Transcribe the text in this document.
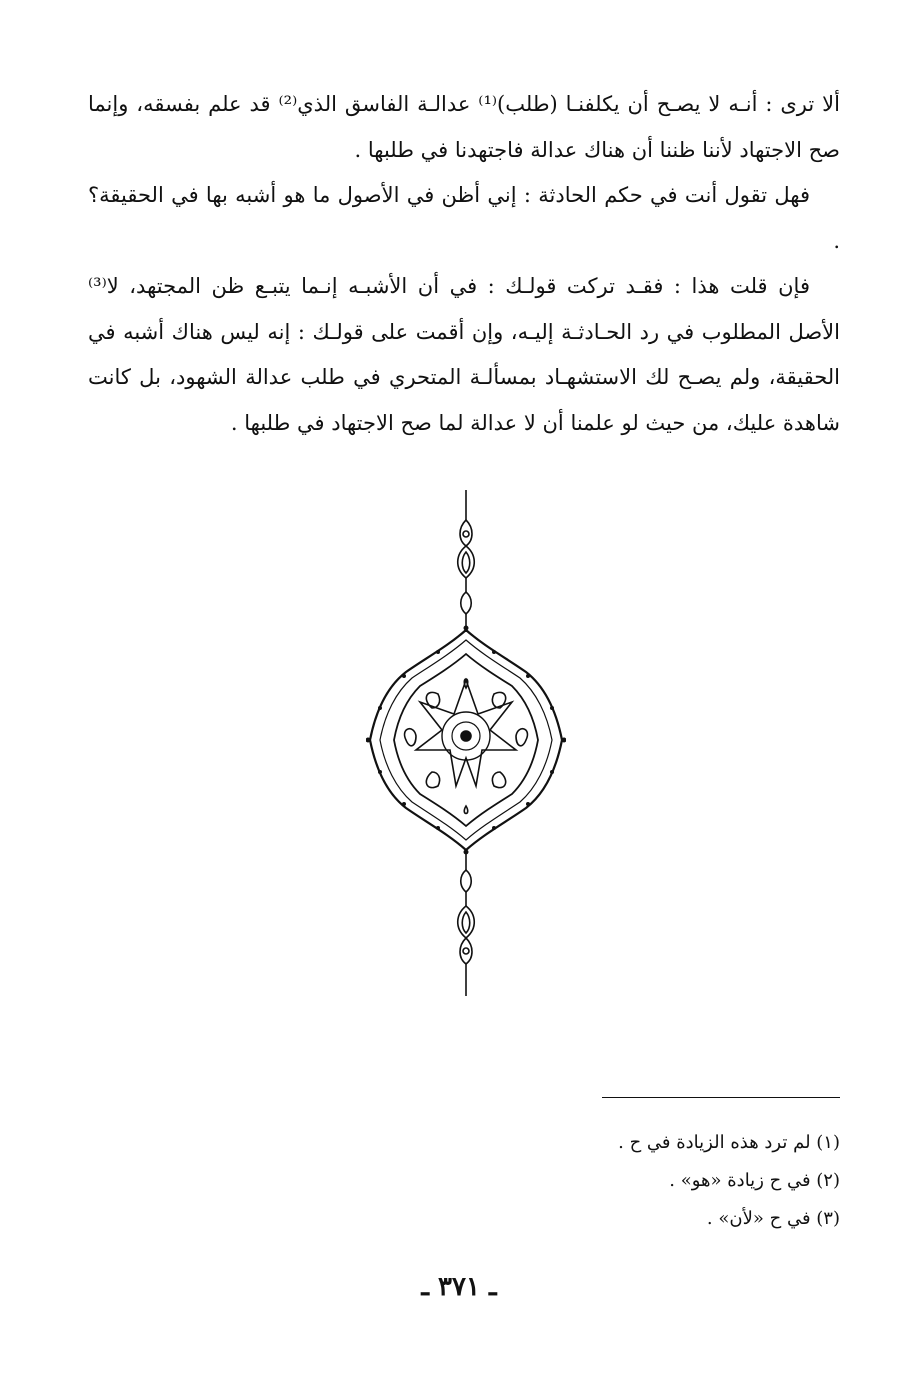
ألا ترى : أنـه لا يصـح أن يكلفنـا (طلب)⁽¹⁾ عدالـة الفاسق الذي⁽²⁾ قد علم بفسقه، وإنما صح الاجتهاد لأننا ظننا أن هناك عدالة فاجتهدنا في طلبها .

فهل تقول أنت في حكم الحادثة : إني أظن في الأصول ما هو أشبه بها في الحقيقة؟ .

فإن قلت هذا : فقـد تركت قولـك : في أن الأشبـه إنـما يتبـع ظن المجتهد، لا⁽³⁾ الأصل المطلوب في رد الحـادثـة إليـه، وإن أقمت على قولـك : إنه ليس هناك أشبه في الحقيقة، ولم يصـح لك الاستشهـاد بمسألـة المتحري في طلب عدالة الشهود، بل كانت شاهدة عليك، من حيث لو علمنا أن لا عدالة لما صح الاجتهاد في طلبها .

(١) لم ترد هذه الزيادة في ح .
(٢) في ح زيادة «هو» .
(٣) في ح «لأن» .
ـ ٣٧١ ـ
